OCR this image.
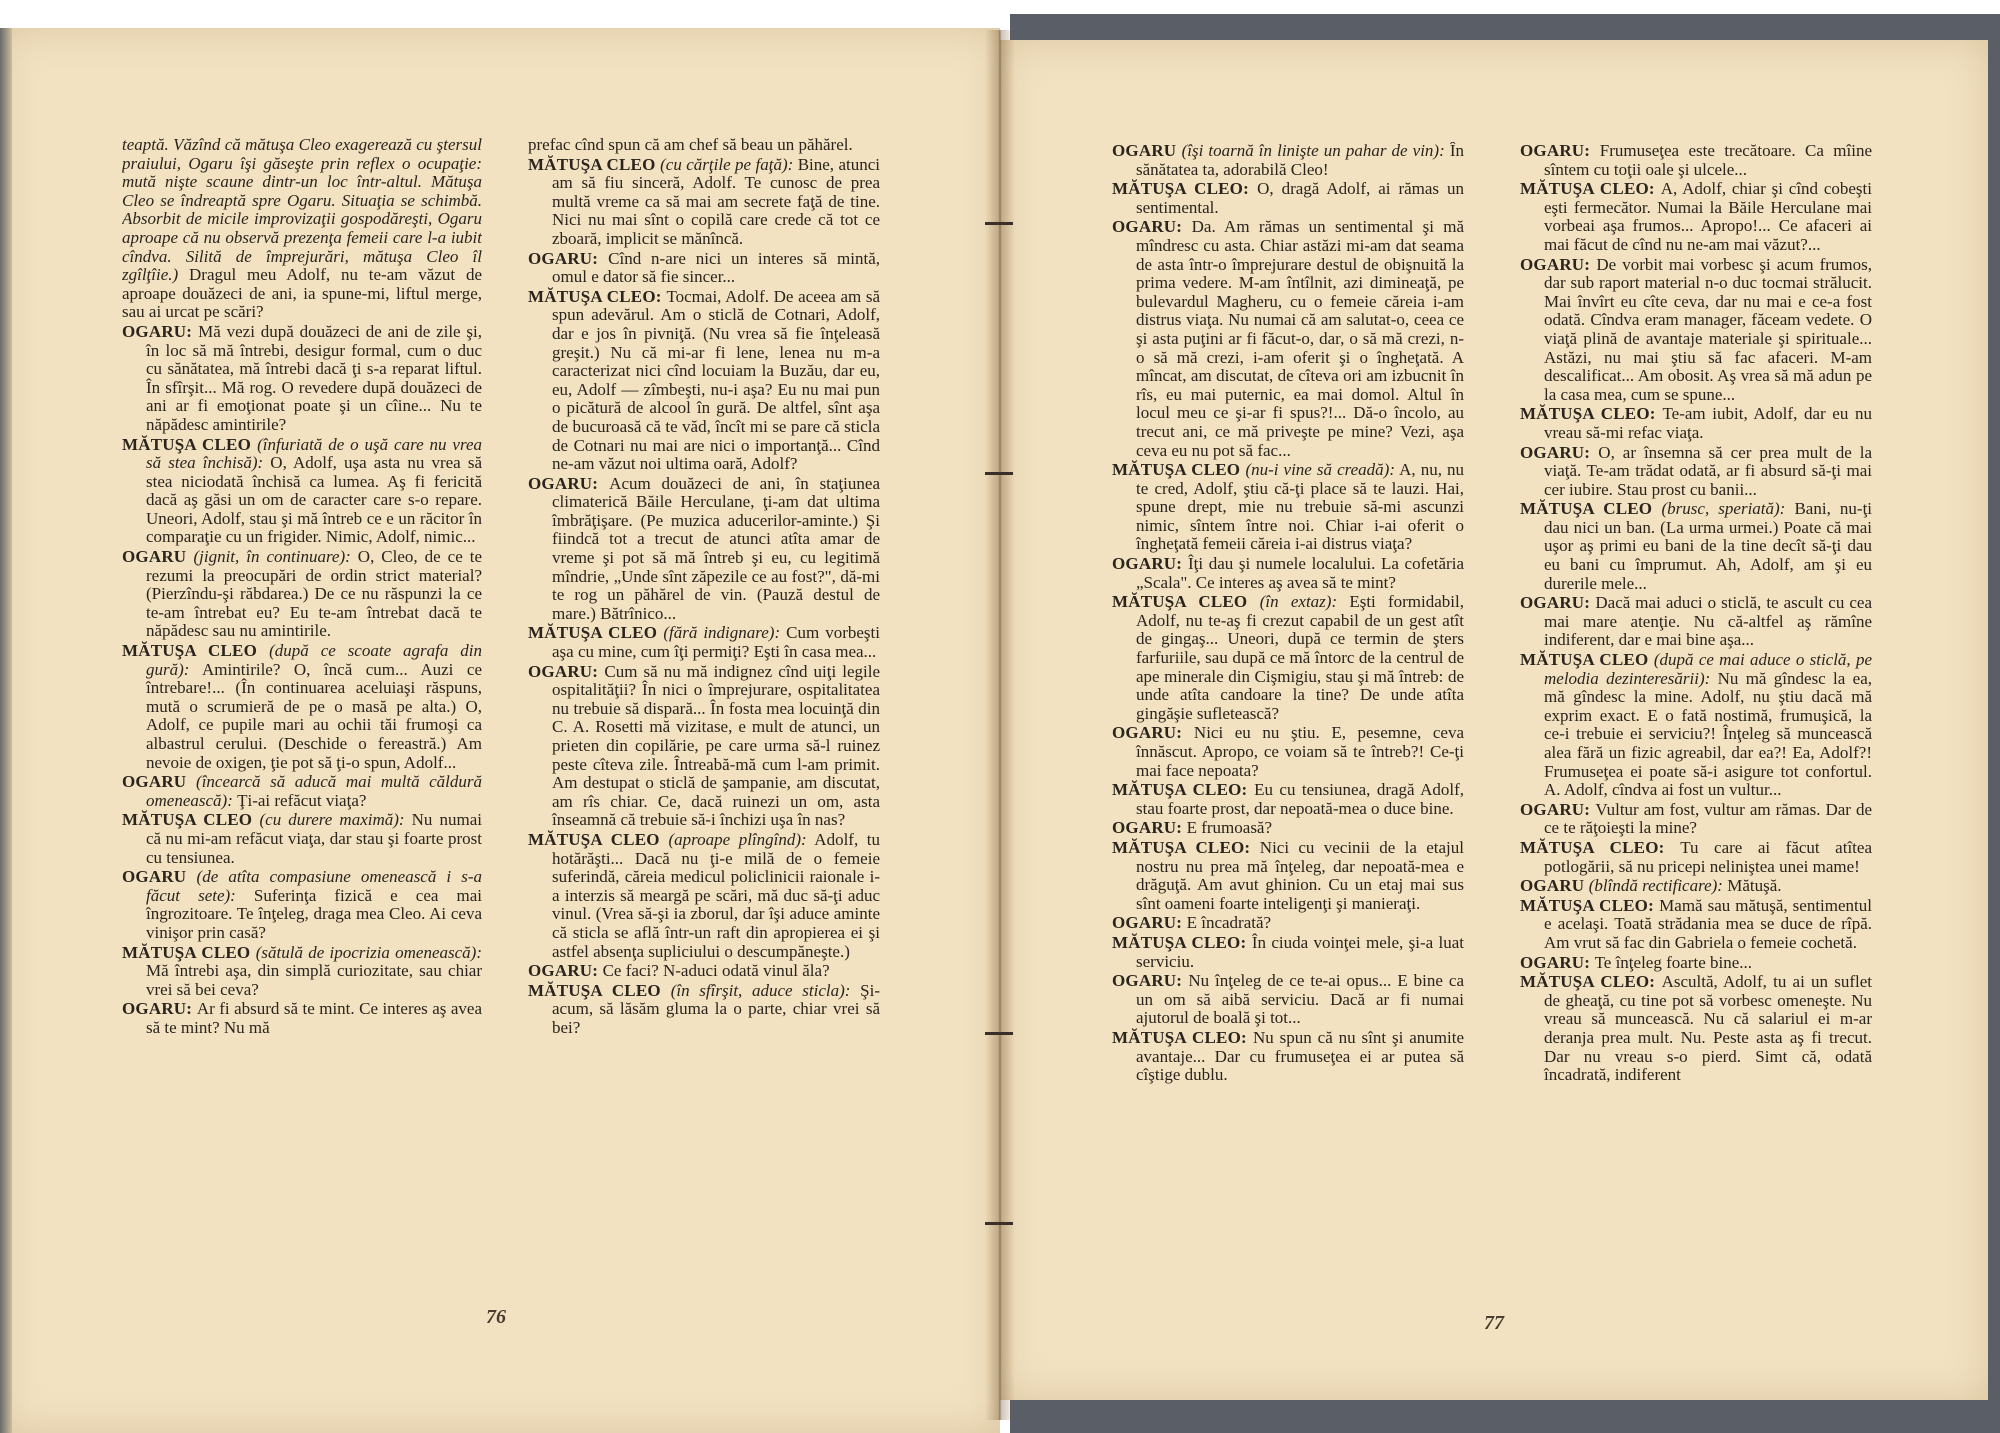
teaptă. Văzînd că mătuşa Cleo exagerează cu ştersul praiului, Ogaru îşi găseşte prin reflex o ocupaţie: mută nişte scaune dintr-un loc într-altul. Mătuşa Cleo se îndreaptă spre Ogaru. Situaţia se schimbă. Absorbit de micile improvizaţii gospodăreşti, Ogaru aproape că nu observă prezenţa femeii care l-a iubit cîndva. Silită de împrejurări, mătuşa Cleo îl zgîlţîie.) Dragul meu Adolf, nu te-am văzut de aproape douăzeci de ani, ia spune-mi, liftul merge, sau ai urcat pe scări?

OGARU: Mă vezi după douăzeci de ani de zile şi, în loc să mă întrebi, desigur formal, cum o duc cu sănătatea, mă întrebi dacă ţi s-a reparat liftul. În sfîrşit... Mă rog. O revedere după douăzeci de ani ar fi emoţionat poate şi un cîine... Nu te năpădesc amintirile?

MĂTUŞA CLEO (înfuriată de o uşă care nu vrea să stea închisă): O, Adolf, uşa asta nu vrea să stea niciodată închisă ca lumea. Aş fi fericită dacă aş găsi un om de caracter care s-o repare. Uneori, Adolf, stau şi mă întreb ce e un răcitor în comparaţie cu un frigider. Nimic, Adolf, nimic...

OGARU (jignit, în continuare): O, Cleo, de ce te rezumi la preocupări de ordin strict material? (Pierzîndu-şi răbdarea.) De ce nu răspunzi la ce te-am întrebat eu? Eu te-am întrebat dacă te năpădesc sau nu amintirile.

MĂTUŞA CLEO (după ce scoate agrafa din gură): Amintirile? O, încă cum... Auzi ce întrebare!... (În continuarea aceluiaşi răspuns, mută o scrumieră de pe o masă pe alta.) O, Adolf, ce pupile mari au ochii tăi frumoşi ca albastrul cerului. (Deschide o fereastră.) Am nevoie de oxigen, ţie pot să ţi-o spun, Adolf...

OGARU (încearcă să aducă mai multă căldură omenească): Ţi-ai refăcut viaţa?

MĂTUŞA CLEO (cu durere maximă): Nu numai că nu mi-am refăcut viaţa, dar stau şi foarte prost cu tensiunea.

OGARU (de atîta compasiune omenească i s-a făcut sete): Suferinţa fizică e cea mai îngrozitoare. Te înţeleg, draga mea Cleo. Ai ceva vinişor prin casă?

MĂTUŞA CLEO (sătulă de ipocrizia omenească): Mă întrebi aşa, din simplă curiozitate, sau chiar vrei să bei ceva?

OGARU: Ar fi absurd să te mint. Ce interes aş avea să te mint? Nu mă

prefac cînd spun că am chef să beau un păhărel.

MĂTUŞA CLEO (cu cărţile pe faţă): Bine, atunci am să fiu sinceră, Adolf. Te cunosc de prea multă vreme ca să mai am secrete faţă de tine. Nici nu mai sînt o copilă care crede că tot ce zboară, implicit se mănîncă.

OGARU: Cînd n-are nici un interes să mintă, omul e dator să fie sincer...

MĂTUŞA CLEO: Tocmai, Adolf. De aceea am să spun adevărul. Am o sticlă de Cotnari, Adolf, dar e jos în pivniţă. (Nu vrea să fie înţeleasă greşit.) Nu că mi-ar fi lene, lenea nu m-a caracterizat nici cînd locuiam la Buzău, dar eu, eu, Adolf — zîmbeşti, nu-i aşa? Eu nu mai pun o picătură de alcool în gură. De altfel, sînt aşa de bucuroasă că te văd, încît mi se pare că sticla de Cotnari nu mai are nici o importanţă... Cînd ne-am văzut noi ultima oară, Adolf?

OGARU: Acum douăzeci de ani, în staţiunea climaterică Băile Herculane, ţi-am dat ultima îmbrăţişare. (Pe muzica aducerilor-aminte.) Şi fiindcă tot a trecut de atunci atîta amar de vreme şi pot să mă întreb şi eu, cu legitimă mîndrie, „Unde sînt zăpezile ce au fost?", dă-mi te rog un păhărel de vin. (Pauză destul de mare.) Bătrînico...

MĂTUŞA CLEO (fără indignare): Cum vorbeşti aşa cu mine, cum îţi permiţi? Eşti în casa mea...

OGARU: Cum să nu mă indignez cînd uiţi legile ospitalităţii? În nici o împrejurare, ospitalitatea nu trebuie să dispară... În fosta mea locuinţă din C. A. Rosetti mă vizitase, e mult de atunci, un prieten din copilărie, pe care urma să-l ruinez peste cîteva zile. Întreabă-mă cum l-am primit. Am destupat o sticlă de şampanie, am discutat, am rîs chiar. Ce, dacă ruinezi un om, asta înseamnă că trebuie să-i închizi uşa în nas?

MĂTUŞA CLEO (aproape plîngînd): Adolf, tu hotărăşti... Dacă nu ţi-e milă de o femeie suferindă, căreia medicul policlinicii raionale i-a interzis să meargă pe scări, mă duc să-ţi aduc vinul. (Vrea să-şi ia zborul, dar îşi aduce aminte că sticla se află într-un raft din apropierea ei şi astfel absenţa supliciului o descumpăneşte.)

OGARU: Ce faci? N-aduci odată vinul ăla?

MĂTUŞA CLEO (în sfîrşit, aduce sticla): Şi-acum, să lăsăm gluma la o parte, chiar vrei să bei?

OGARU (îşi toarnă în linişte un pahar de vin): În sănătatea ta, adorabilă Cleo!

MĂTUŞA CLEO: O, dragă Adolf, ai rămas un sentimental.

OGARU: Da. Am rămas un sentimental şi mă mîndresc cu asta. Chiar astăzi mi-am dat seama de asta într-o împrejurare destul de obişnuită la prima vedere. M-am întîlnit, azi dimineaţă, pe bulevardul Magheru, cu o femeie căreia i-am distrus viaţa. Nu numai că am salutat-o, ceea ce şi asta puţini ar fi făcut-o, dar, o să mă crezi, n-o să mă crezi, i-am oferit şi o îngheţată. A mîncat, am discutat, de cîteva ori am izbucnit în rîs, eu mai puternic, ea mai domol. Altul în locul meu ce şi-ar fi spus?!... Dă-o încolo, au trecut ani, ce mă priveşte pe mine? Vezi, aşa ceva eu nu pot să fac...

MĂTUŞA CLEO (nu-i vine să creadă): A, nu, nu te cred, Adolf, ştiu că-ţi place să te lauzi. Hai, spune drept, mie nu trebuie să-mi ascunzi nimic, sîntem între noi. Chiar i-ai oferit o îngheţată femeii căreia i-ai distrus viaţa?

OGARU: Îţi dau şi numele localului. La cofetăria „Scala". Ce interes aş avea să te mint?

MĂTUŞA CLEO (în extaz): Eşti formidabil, Adolf, nu te-aş fi crezut capabil de un gest atît de gingaş... Uneori, după ce termin de şters farfuriile, sau după ce mă întorc de la centrul de ape minerale din Cişmigiu, stau şi mă întreb: de unde atîta candoare la tine? De unde atîta gingăşie sufletească?

OGARU: Nici eu nu ştiu. E, pesemne, ceva înnăscut. Apropo, ce voiam să te întreb?! Ce-ţi mai face nepoata?

MĂTUŞA CLEO: Eu cu tensiunea, dragă Adolf, stau foarte prost, dar nepoată-mea o duce bine.

OGARU: E frumoasă?

MĂTUŞA CLEO: Nici cu vecinii de la etajul nostru nu prea mă înţeleg, dar nepoată-mea e drăguţă. Am avut ghinion. Cu un etaj mai sus sînt oameni foarte inteligenţi şi manieraţi.

OGARU: E încadrată?

MĂTUŞA CLEO: În ciuda voinţei mele, şi-a luat serviciu.

OGARU: Nu înţeleg de ce te-ai opus... E bine ca un om să aibă serviciu. Dacă ar fi numai ajutorul de boală şi tot...

MĂTUŞA CLEO: Nu spun că nu sînt şi anumite avantaje... Dar cu frumuseţea ei ar putea să cîştige dublu.

OGARU: Frumuseţea este trecătoare. Ca mîine sîntem cu toţii oale şi ulcele...

MĂTUŞA CLEO: A, Adolf, chiar şi cînd cobeşti eşti fermecător. Numai la Băile Herculane mai vorbeai aşa frumos... Apropo!... Ce afaceri ai mai făcut de cînd nu ne-am mai văzut?...

OGARU: De vorbit mai vorbesc şi acum frumos, dar sub raport material n-o duc tocmai strălucit. Mai învîrt eu cîte ceva, dar nu mai e ce-a fost odată. Cîndva eram manager, făceam vedete. O viaţă plină de avantaje materiale şi spirituale... Astăzi, nu mai ştiu să fac afaceri. M-am descalificat... Am obosit. Aş vrea să mă adun pe la casa mea, cum se spune...

MĂTUŞA CLEO: Te-am iubit, Adolf, dar eu nu vreau să-mi refac viaţa.

OGARU: O, ar însemna să cer prea mult de la viaţă. Te-am trădat odată, ar fi absurd să-ţi mai cer iubire. Stau prost cu banii...

MĂTUŞA CLEO (brusc, speriată): Bani, nu-ţi dau nici un ban. (La urma urmei.) Poate că mai uşor aş primi eu bani de la tine decît să-ţi dau eu bani cu împrumut. Ah, Adolf, am şi eu durerile mele...

OGARU: Dacă mai aduci o sticlă, te ascult cu cea mai mare atenţie. Nu că-altfel aş rămîne indiferent, dar e mai bine aşa...

MĂTUŞA CLEO (după ce mai aduce o sticlă, pe melodia dezinteresării): Nu mă gîndesc la ea, mă gîndesc la mine. Adolf, nu ştiu dacă mă exprim exact. E o fată nostimă, frumuşică, la ce-i trebuie ei serviciu?! Înţeleg să muncească alea fără un fizic agreabil, dar ea?! Ea, Adolf?! Frumuseţea ei poate să-i asigure tot confortul. A. Adolf, cîndva ai fost un vultur...

OGARU: Vultur am fost, vultur am rămas. Dar de ce te răţoieşti la mine?

MĂTUŞA CLEO: Tu care ai făcut atîtea potlogării, să nu pricepi neliniştea unei mame!

OGARU (blîndă rectificare): Mătuşă.

MĂTUŞA CLEO: Mamă sau mătuşă, sentimentul e acelaşi. Toată strădania mea se duce de rîpă. Am vrut să fac din Gabriela o femeie cochetă.

OGARU: Te înţeleg foarte bine...

MĂTUŞA CLEO: Ascultă, Adolf, tu ai un suflet de gheaţă, cu tine pot să vorbesc omeneşte. Nu vreau să muncească. Nu că salariul ei m-ar deranja prea mult. Nu. Peste asta aş fi trecut. Dar nu vreau s-o pierd. Simt că, odată încadrată, indiferent

76	77
